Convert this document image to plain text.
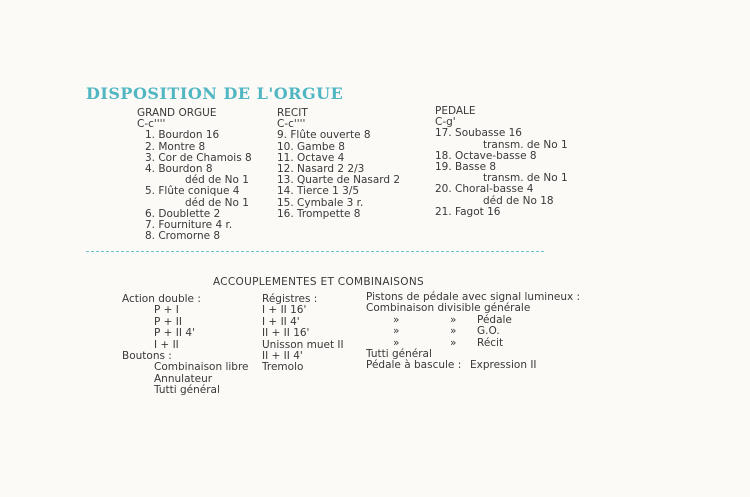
DISPOSITION DE L'ORGUE
GRAND ORGUE
C-c''''
1. Bourdon 16
2. Montre 8
3. Cor de Chamois 8
4. Bourdon 8
déd de No 1
5. Flûte conique 4
déd de No 1
6. Doublette 2
7. Fourniture 4 r.
8. Cromorne 8
RECIT
C-c''''
9. Flûte ouverte 8
10. Gambe 8
11. Octave 4
12. Nasard 2 2/3
13. Quarte de Nasard 2
14. Tierce 1 3/5
15. Cymbale 3 r.
16. Trompette 8
PEDALE
C-g'
17. Soubasse 16
transm. de No 1
18. Octave-basse 8
19. Basse 8
transm. de No 1
20. Choral-basse 4
déd de No 18
21. Fagot 16
ACCOUPLEMENTES ET COMBINAISONS
Action double :
P + I
P + II
P + II 4'
I + II
Boutons :
Combinaison libre
Annulateur
Tutti général
Régistres :
I + II 16'
I + II 4'
II + II 16'
Unisson muet II
II + II 4'
Tremolo
Pistons de pédale avec signal lumineux :
Combinaison divisible générale
»	» Pédale
»	» G.O.
»	» Récit
Tutti général
Pédale à bascule : Expression II
